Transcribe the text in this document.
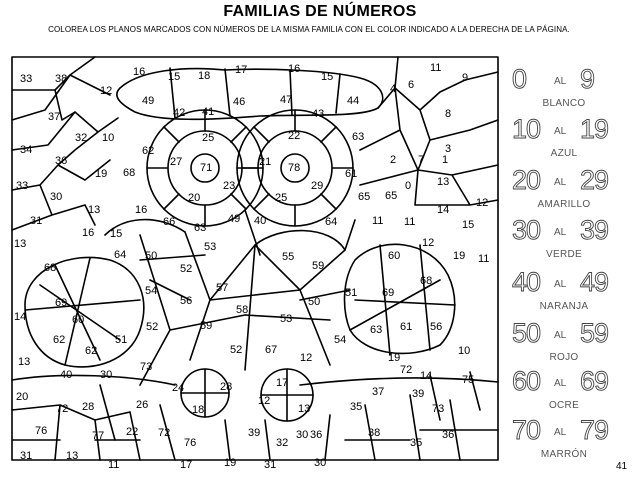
FAMILIAS DE NÚMEROS
COLOREA LOS PLANOS MARCADOS CON NÚMEROS DE LA MISMA FAMILIA CON EL COLOR INDICADO A LA DERECHA DE LA PÁGINA.
33 38
12
16 15 18 17	16
15
11
34
37
32 10
49
42 41
46	47
43
44
4 6
9
8
2
3
36
62
27 71
25	22
78
29
63
7 1
0
33
30
19 68
20
23
21
25
61
65 65
13
11
14
12
31
13	16
66 63
49 40	64	11	15
13
16 15
50
53
55
59
60
12
19 11
68
64
52
54	57	51 69
68
69	56
58
50
14	60
52	59
53
62
63
62
61 56
51	54
52 67
12	19
10
13
40	30
73	72
20
28	26
24	28	17
12
13
14
39
37
75
76	22 72
76
18
30
32
35
38
73
77
72
39	36
35
36
31	13
11	17	19	31	30
0	AL 9
BLANCO
10 AL 19
AZUL
20 AL 29
AMARILLO
30 AL 39
VERDE
40 AL 49
NARANJA
50 AL 59
ROJO
60 AL 69
OCRE
70 AL 79
MARRÓN
41
